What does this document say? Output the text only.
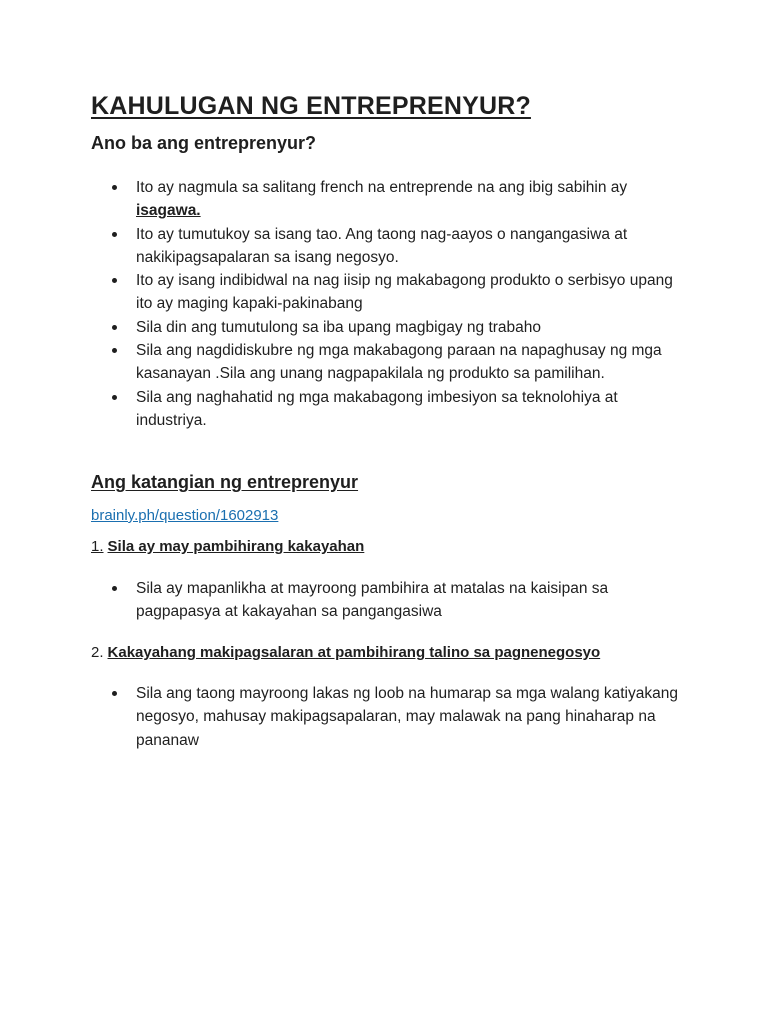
KAHULUGAN NG ENTREPRENYUR?
Ano ba ang entreprenyur?
Ito ay nagmula sa salitang french na entreprende na ang ibig sabihin ay isagawa.
Ito ay tumutukoy sa isang tao. Ang taong nag-aayos o nangangasiwa at nakikipagsapalaran sa isang negosyo.
Ito ay isang indibidwal na nag iisip ng makabagong produkto o serbisyo upang ito ay maging kapaki-pakinabang
Sila din ang tumutulong sa iba upang magbigay ng trabaho
Sila ang nagdidiskubre ng mga makabagong paraan na napaghusay ng mga kasanayan .Sila ang unang nagpapakilala ng produkto sa pamilihan.
Sila ang naghahatid ng mga makabagong imbesiyon sa teknolohiya at industriya.
Ang katangian ng entreprenyur
brainly.ph/question/1602913
1. Sila ay may pambihirang kakayahan
Sila ay mapanlikha at mayroong pambihira at matalas na kaisipan sa pagpapasya at kakayahan sa pangangasiwa
2. Kakayahang makipagsalaran at pambihirang talino sa pagnenegosyo
Sila ang taong mayroong lakas ng loob na humarap sa mga walang katiyakang negosyo, mahusay makipagsapalaran, may malawak na pang hinaharap na pananaw
